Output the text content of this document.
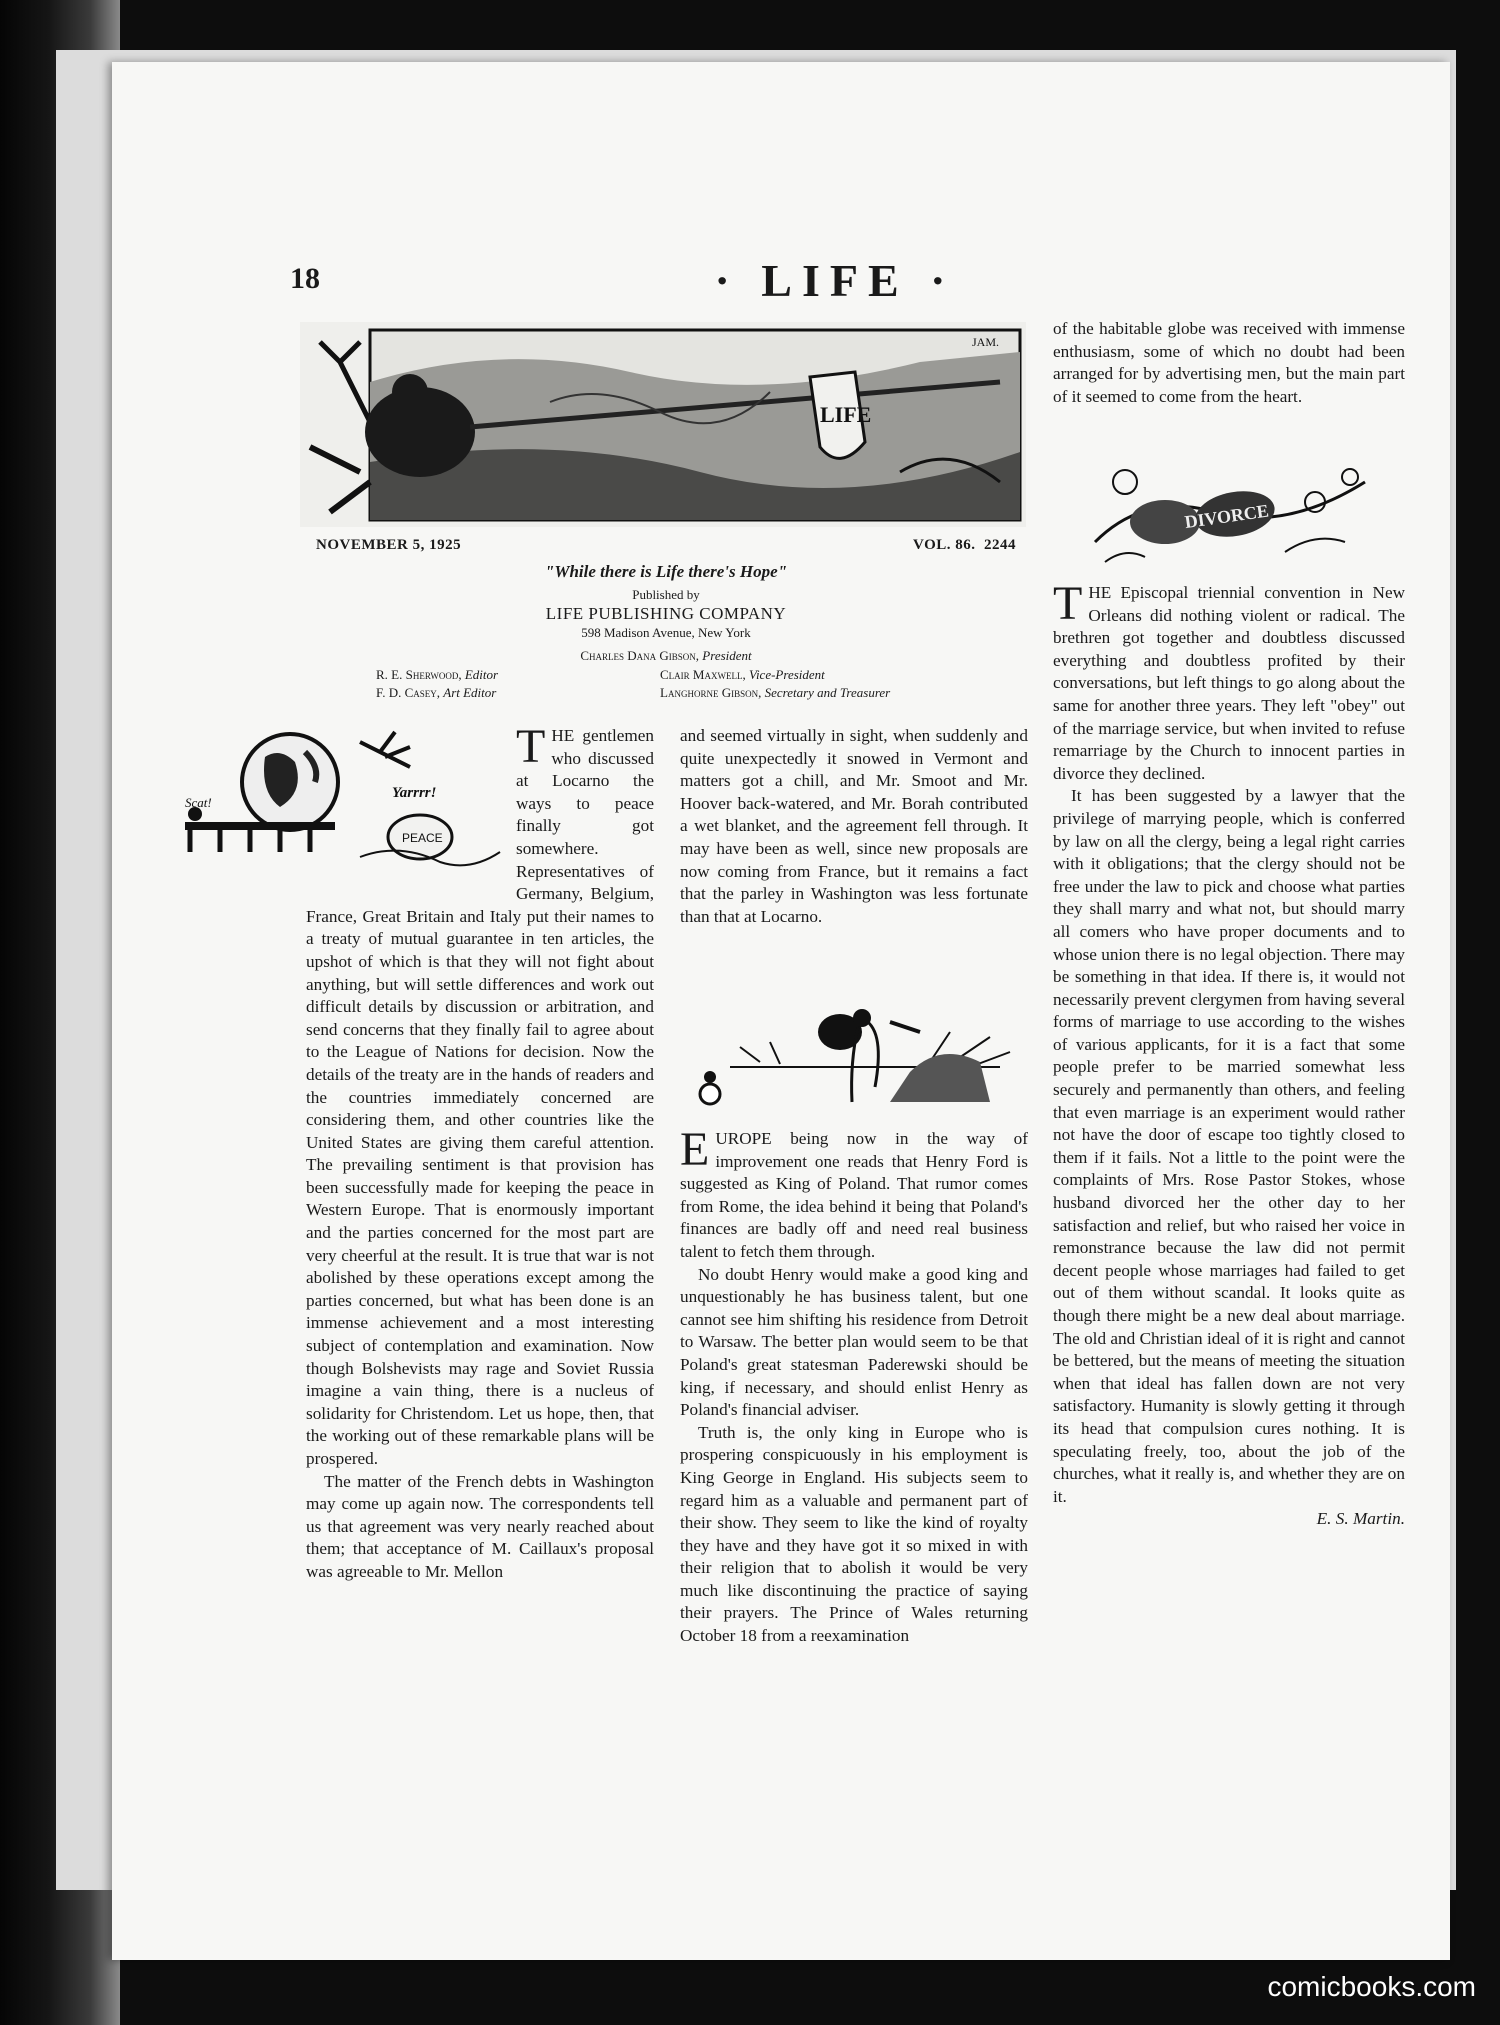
18	· LIFE ·
LIFE
JAM.
NOVEMBER 5, 1925	VOL. 86. 2244
"While there is Life there's Hope"
Published by
LIFE PUBLISHING COMPANY
598 Madison Avenue, New York
Charles Dana Gibson, President
R. E. Sherwood, Editor
F. D. Casey, Art Editor
Clair Maxwell, Vice-President
Langhorne Gibson, Secretary and Treasurer
Scat!
Yarrrr!
PEACE

THE gentlemen who discussed at Locarno the ways to peace finally got somewhere. Representatives of Germany, Belgium, France, Great Britain and Italy put their names to a treaty of mutual guarantee in ten articles, the upshot of which is that they will not fight about anything, but will settle differences and work out difficult details by discussion or arbitration, and send concerns that they finally fail to agree about to the League of Nations for decision. Now the details of the treaty are in the hands of readers and the countries immediately concerned are considering them, and other countries like the United States are giving them careful attention. The prevailing sentiment is that provision has been successfully made for keeping the peace in Western Europe. That is enormously important and the parties concerned for the most part are very cheerful at the result. It is true that war is not abolished by these operations except among the parties concerned, but what has been done is an immense achievement and a most interesting subject of contemplation and examination. Now though Bolshevists may rage and Soviet Russia imagine a vain thing, there is a nucleus of solidarity for Christendom. Let us hope, then, that the working out of these remarkable plans will be prospered.

The matter of the French debts in Washington may come up again now. The correspondents tell us that agreement was very nearly reached about them; that acceptance of M. Caillaux's proposal was agreeable to Mr. Mellon

and seemed virtually in sight, when suddenly and quite unexpectedly it snowed in Vermont and matters got a chill, and Mr. Smoot and Mr. Hoover back-watered, and Mr. Borah contributed a wet blanket, and the agreement fell through. It may have been as well, since new proposals are now coming from France, but it remains a fact that the parley in Washington was less fortunate than that at Locarno.

EUROPE being now in the way of improvement one reads that Henry Ford is suggested as King of Poland. That rumor comes from Rome, the idea behind it being that Poland's finances are badly off and need real business talent to fetch them through.

No doubt Henry would make a good king and unquestionably he has business talent, but one cannot see him shifting his residence from Detroit to Warsaw. The better plan would seem to be that Poland's great statesman Paderewski should be king, if necessary, and should enlist Henry as Poland's financial adviser.

Truth is, the only king in Europe who is prospering conspicuously in his employment is King George in England. His subjects seem to regard him as a valuable and permanent part of their show. They seem to like the kind of royalty they have and they have got it so mixed in with their religion that to abolish it would be very much like discontinuing the practice of saying their prayers. The Prince of Wales returning October 18 from a reexamination

of the habitable globe was received with immense enthusiasm, some of which no doubt had been arranged for by advertising men, but the main part of it seemed to come from the heart.

DIVORCE

THE Episcopal triennial convention in New Orleans did nothing violent or radical. The brethren got together and doubtless discussed everything and doubtless profited by their conversations, but left things to go along about the same for another three years. They left "obey" out of the marriage service, but when invited to refuse remarriage by the Church to innocent parties in divorce they declined.

It has been suggested by a lawyer that the privilege of marrying people, which is conferred by law on all the clergy, being a legal right carries with it obligations; that the clergy should not be free under the law to pick and choose what parties they shall marry and what not, but should marry all comers who have proper documents and to whose union there is no legal objection. There may be something in that idea. If there is, it would not necessarily prevent clergymen from having several forms of marriage to use according to the wishes of various applicants, for it is a fact that some people prefer to be married somewhat less securely and permanently than others, and feeling that even marriage is an experiment would rather not have the door of escape too tightly closed to them if it fails. Not a little to the point were the complaints of Mrs. Rose Pastor Stokes, whose husband divorced her the other day to her satisfaction and relief, but who raised her voice in remonstrance because the law did not permit decent people whose marriages had failed to get out of them without scandal. It looks quite as though there might be a new deal about marriage. The old and Christian ideal of it is right and cannot be bettered, but the means of meeting the situation when that ideal has fallen down are not very satisfactory. Humanity is slowly getting it through its head that compulsion cures nothing. It is speculating freely, too, about the job of the churches, what it really is, and whether they are on it.

E. S. Martin.
comicbooks.com
